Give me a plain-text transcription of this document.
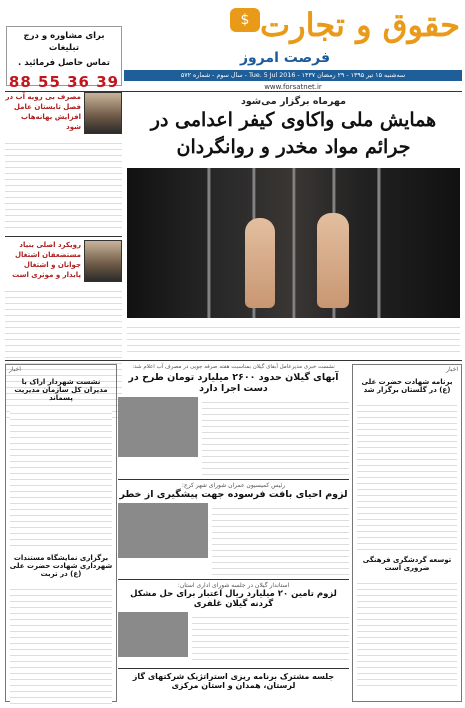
برای مشاوره و درج تبلیغات
تماس حاصل فرمائید .
88 55 36 39
حقوق و تجارت
$
فرصت امروز
سه‌شنبه ۱۵ تیر ۱۳۹۵ - ۲۹ رمضان ۱۴۳۷ - Tue. 5 Jul 2016 - سال سوم - شماره ۵۷۲
www.forsatnet.ir
مصرف بی رویه آب در فصل تابستان عامل افزایش بهانه‌هاب شود
رویکرد اصلی بنیاد مستضعفان اشتغال جوانان و اشتغال پایدار و موثری است
مهرماه برگزار می‌شود
همایش ملی واکاوی کیفر اعدامی در جرائم مواد مخدر و روانگردان
اخبار
نشست شهردار اراک با مدیران کل سازمان مدیریت پسماند
برگزاری نمایشگاه مستندات شهرداری شهادت حضرت علی (ع) در تربت
اخبار
برنامه شهادت حضرت علی (ع) در گلستان برگزار شد
توسعه گردشگری فرهنگی ضروری است
نشست خبری مدیرعامل آبفای گیلان بمناسبت هفته صرفه جویی در مصرف آب اعلام شد:
آبهای گیلان حدود ۲۶۰۰ میلیارد تومان طرح در دست اجرا دارد
رئیس کمیسیون عمران شورای شهر کرج:
لزوم احیای بافت فرسوده جهت پیشگیری از خطر
استاندار گیلان در جلسه شورای اداری استان:
لزوم تامین ۲۰ میلیارد ریال اعتبار برای حل مشکل گردنه گیلان غلفری
جلسه مشترک برنامه ریزی استراتژیک شرکتهای گاز لرستان، همدان و استان مرکزی
